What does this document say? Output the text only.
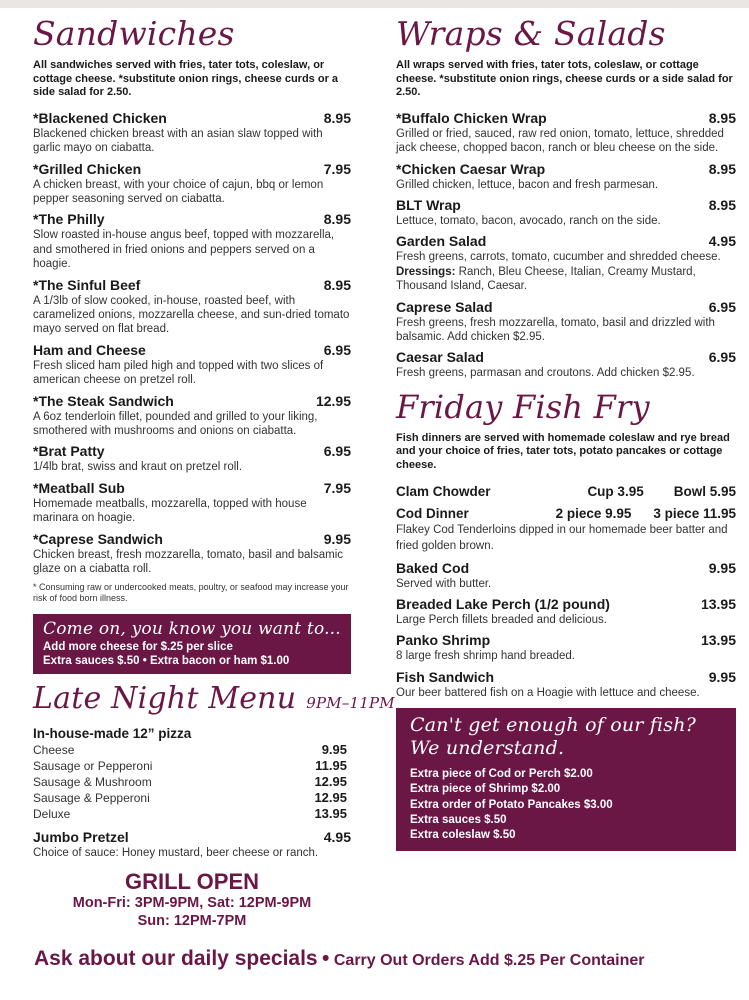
Sandwiches

All sandwiches served with fries, tater tots, coleslaw, or cottage cheese. *substitute onion rings, cheese curds or a side salad for 2.50.

*Blackened Chicken	8.95
Blackened chicken breast with an asian slaw topped with garlic mayo on ciabatta.
*Grilled Chicken	7.95
A chicken breast, with your choice of cajun, bbq or lemon pepper seasoning served on ciabatta.
*The Philly	8.95
Slow roasted in-house angus beef, topped with mozzarella, and smothered in fried onions and peppers served on a hoagie.
*The Sinful Beef	8.95
A 1/3lb of slow cooked, in-house, roasted beef, with caramelized onions, mozzarella cheese, and sun-dried tomato mayo served on flat bread.
Ham and Cheese	6.95
Fresh sliced ham piled high and topped with two slices of american cheese on pretzel roll.
*The Steak Sandwich	12.95
A 6oz tenderloin fillet, pounded and grilled to your liking, smothered with mushrooms and onions on ciabatta.
*Brat Patty	6.95
1/4lb brat, swiss and kraut on pretzel roll.
*Meatball Sub	7.95
Homemade meatballs, mozzarella, topped with house marinara on hoagie.
*Caprese Sandwich	9.95
Chicken breast, fresh mozzarella, tomato, basil and balsamic glaze on a ciabatta roll.

* Consuming raw or undercooked meats, poultry, or seafood may increase your risk of food born illness.

Come on, you know you want to...
Add more cheese for $.25 per slice
Extra sauces $.50 • Extra bacon or ham $1.00
Late Night Menu 9PM–11PM
In-house-made 12” pizza
Cheese	9.95
Sausage or Pepperoni	11.95
Sausage & Mushroom	12.95
Sausage & Pepperoni	12.95
Deluxe	13.95
Jumbo Pretzel	4.95
Choice of sauce: Honey mustard, beer cheese or ranch.
GRILL OPEN
Mon-Fri: 3PM-9PM, Sat: 12PM-9PM
Sun: 12PM-7PM
Wraps & Salads

All wraps served with fries, tater tots, coleslaw, or cottage cheese. *substitute onion rings, cheese curds or a side salad for 2.50.

*Buffalo Chicken Wrap	8.95
Grilled or fried, sauced, raw red onion, tomato, lettuce, shredded jack cheese, chopped bacon, ranch or bleu cheese on the side.
*Chicken Caesar Wrap	8.95
Grilled chicken, lettuce, bacon and fresh parmesan.
BLT Wrap	8.95
Lettuce, tomato, bacon, avocado, ranch on the side.
Garden Salad	4.95
Fresh greens, carrots, tomato, cucumber and shredded cheese.
Dressings: Ranch, Bleu Cheese, Italian, Creamy Mustard, Thousand Island, Caesar.
Caprese Salad	6.95
Fresh greens, fresh mozzarella, tomato, basil and drizzled with balsamic. Add chicken $2.95.
Caesar Salad	6.95
Fresh greens, parmasan and croutons. Add chicken $2.95.
Friday Fish Fry

Fish dinners are served with homemade coleslaw and rye bread and your choice of fries, tater tots, potato pancakes or cottage cheese.

Clam Chowder	Cup 3.95 Bowl 5.95
Cod Dinner	2 piece 9.95 3 piece 11.95
Flakey Cod Tenderloins dipped in our homemade beer batter and fried golden brown.
Baked Cod	9.95
Served with butter.
Breaded Lake Perch (1/2 pound)	13.95
Large Perch fillets breaded and delicious.
Panko Shrimp	13.95
8 large fresh shrimp hand breaded.
Fish Sandwich	9.95
Our beer battered fish on a Hoagie with lettuce and cheese.
Can't get enough of our fish?
We understand.
Extra piece of Cod or Perch $2.00
Extra piece of Shrimp $2.00
Extra order of Potato Pancakes $3.00
Extra sauces $.50
Extra coleslaw $.50
Ask about our daily specials • Carry Out Orders Add $.25 Per Container
